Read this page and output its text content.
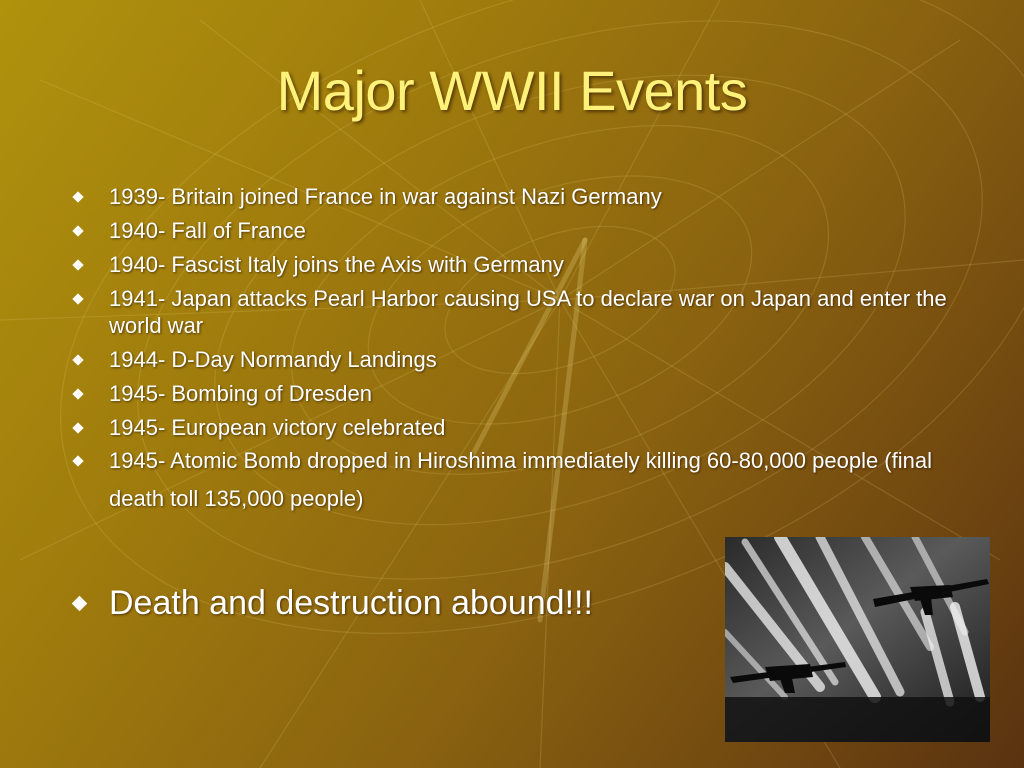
Major WWII Events
1939- Britain joined France in war against Nazi Germany
1940- Fall of France
1940- Fascist Italy joins the Axis with Germany
1941- Japan attacks Pearl Harbor causing USA to declare war on Japan and enter the world war
1944- D-Day Normandy Landings
1945- Bombing of Dresden
1945- European victory celebrated
1945- Atomic Bomb dropped in Hiroshima immediately killing 60-80,000 people (final death toll 135,000 people)
Death and destruction abound!!!
